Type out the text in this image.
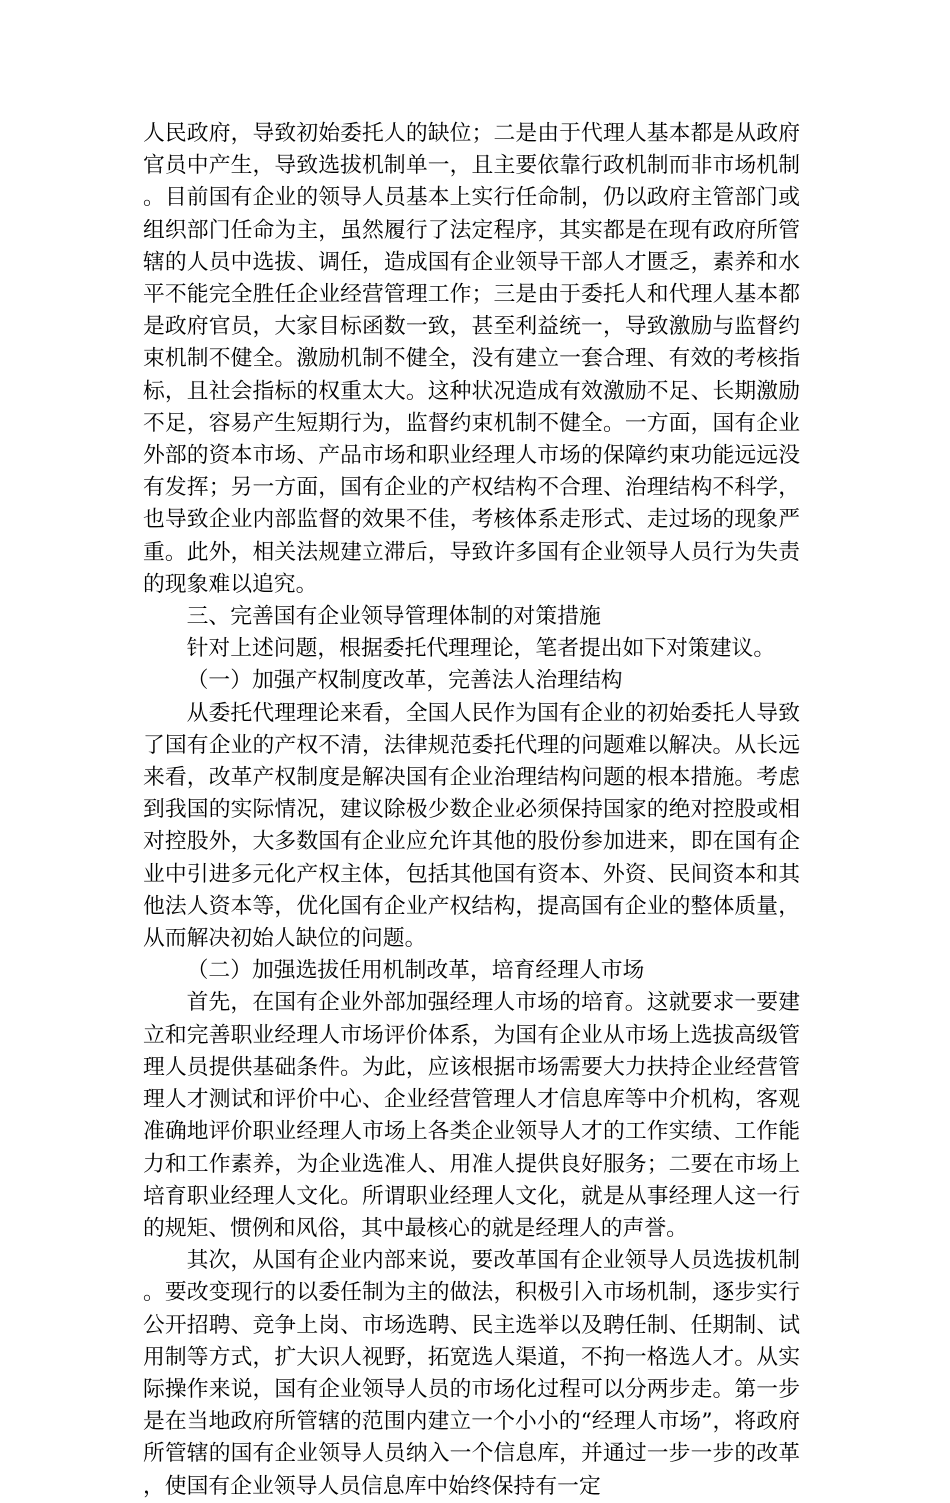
人民政府，导致初始委托人的缺位；二是由于代理人基本都是从政府官员中产生，导致选拔机制单一，且主要依靠行政机制而非市场机制。目前国有企业的领导人员基本上实行任命制，仍以政府主管部门或组织部门任命为主，虽然履行了法定程序，其实都是在现有政府所管辖的人员中选拔、调任，造成国有企业领导干部人才匮乏，素养和水平不能完全胜任企业经营管理工作；三是由于委托人和代理人基本都是政府官员，大家目标函数一致，甚至利益统一，导致激励与监督约束机制不健全。激励机制不健全，没有建立一套合理、有效的考核指标，且社会指标的权重太大。这种状况造成有效激励不足、长期激励不足，容易产生短期行为，监督约束机制不健全。一方面，国有企业外部的资本市场、产品市场和职业经理人市场的保障约束功能远远没有发挥；另一方面，国有企业的产权结构不合理、治理结构不科学，也导致企业内部监督的效果不佳，考核体系走形式、走过场的现象严重。此外，相关法规建立滞后，导致许多国有企业领导人员行为失责的现象难以追究。

三、完善国有企业领导管理体制的对策措施

针对上述问题，根据委托代理理论，笔者提出如下对策建议。

（一）加强产权制度改革，完善法人治理结构

从委托代理理论来看，全国人民作为国有企业的初始委托人导致了国有企业的产权不清，法律规范委托代理的问题难以解决。从长远来看，改革产权制度是解决国有企业治理结构问题的根本措施。考虑到我国的实际情况，建议除极少数企业必须保持国家的绝对控股或相对控股外，大多数国有企业应允许其他的股份参加进来，即在国有企业中引进多元化产权主体，包括其他国有资本、外资、民间资本和其他法人资本等，优化国有企业产权结构，提高国有企业的整体质量，从而解决初始人缺位的问题。

（二）加强选拔任用机制改革，培育经理人市场

首先，在国有企业外部加强经理人市场的培育。这就要求一要建立和完善职业经理人市场评价体系，为国有企业从市场上选拔高级管理人员提供基础条件。为此，应该根据市场需要大力扶持企业经营管理人才测试和评价中心、企业经营管理人才信息库等中介机构，客观准确地评价职业经理人市场上各类企业领导人才的工作实绩、工作能力和工作素养，为企业选准人、用准人提供良好服务；二要在市场上培育职业经理人文化。所谓职业经理人文化，就是从事经理人这一行的规矩、惯例和风俗，其中最核心的就是经理人的声誉。

其次，从国有企业内部来说，要改革国有企业领导人员选拔机制。要改变现行的以委任制为主的做法，积极引入市场机制，逐步实行公开招聘、竞争上岗、市场选聘、民主选举以及聘任制、任期制、试用制等方式，扩大识人视野，拓宽选人渠道，不拘一格选人才。从实际操作来说，国有企业领导人员的市场化过程可以分两步走。第一步是在当地政府所管辖的范围内建立一个小小的“经理人市场”，将政府所管辖的国有企业领导人员纳入一个信息库，并通过一步一步的改革，使国有企业领导人员信息库中始终保持有一定
